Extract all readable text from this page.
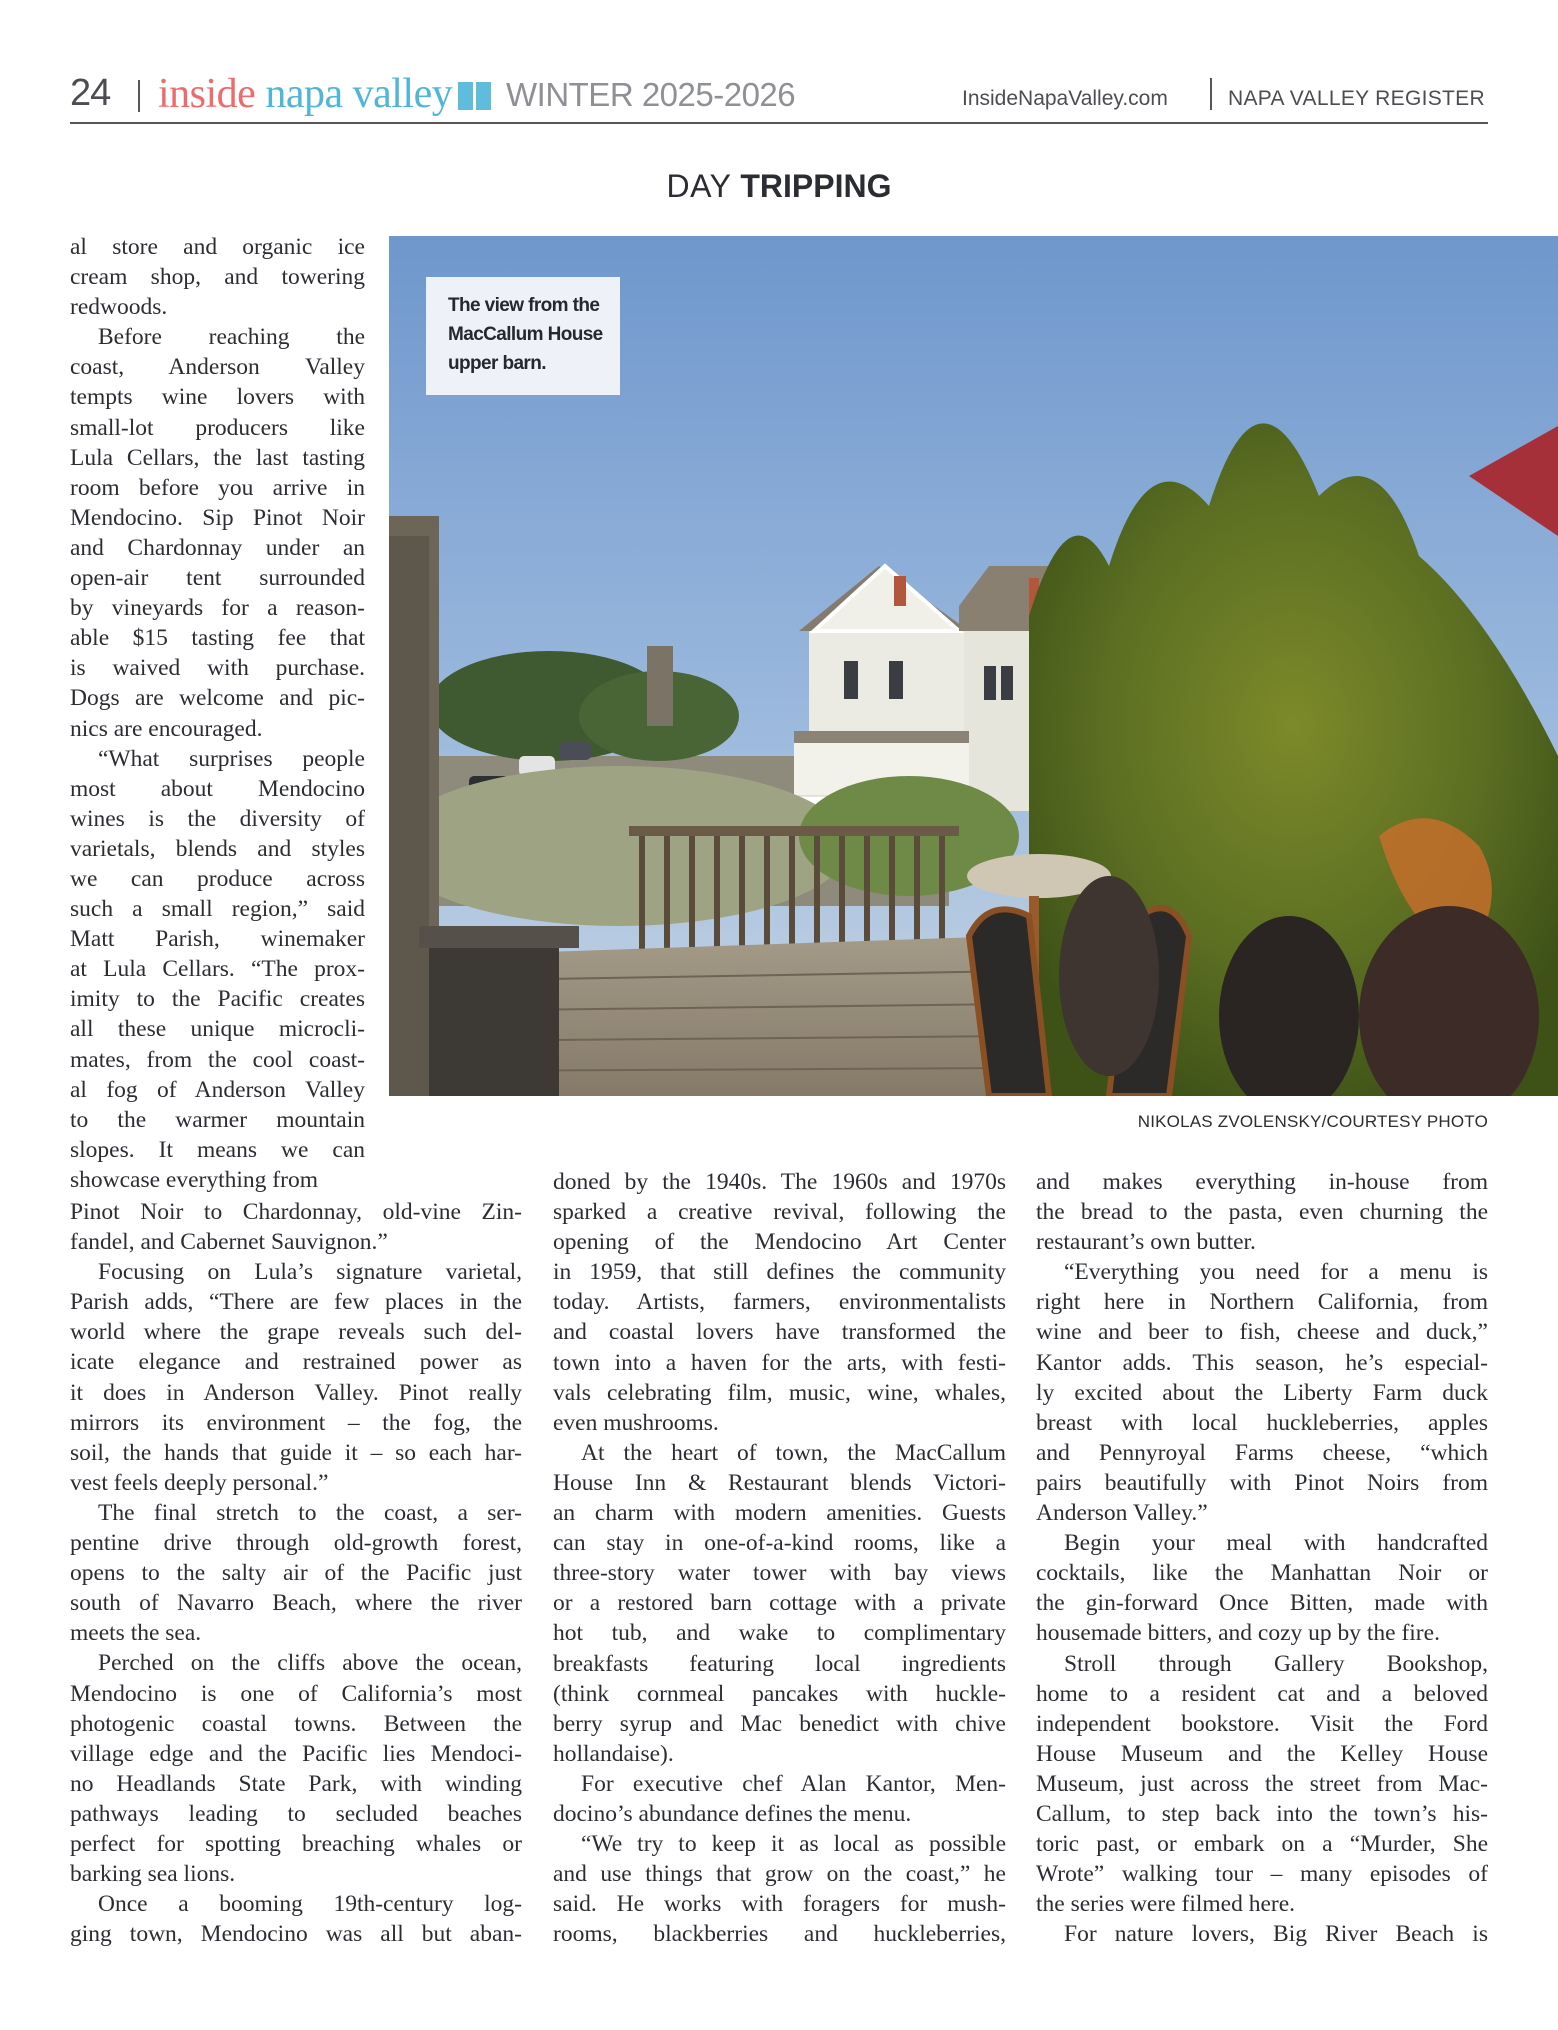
24 inside napa valley WINTER 2025-2026	InsideNapaValley.com	NAPA VALLEY REGISTER
DAY TRIPPING

The view from the

MacCallum House

upper barn.

NIKOLAS ZVOLENSKY/COURTESY PHOTO
al store and organic ice
cream shop, and towering
redwoods.
Before reaching the
coast, Anderson Valley
tempts wine lovers with
small-lot producers like
Lula Cellars, the last tasting
room before you arrive in
Mendocino. Sip Pinot Noir
and Chardonnay under an
open-air tent surrounded
by vineyards for a reason-
able $15 tasting fee that
is waived with purchase.
Dogs are welcome and pic-
nics are encouraged.
“What surprises people
most about Mendocino
wines is the diversity of
varietals, blends and styles
we can produce across
such a small region,” said
Matt Parish, winemaker
at Lula Cellars. “The prox-
imity to the Pacific creates
all these unique microcli-
mates, from the cool coast-
al fog of Anderson Valley
to the warmer mountain
slopes. It means we can
showcase everything from
Pinot Noir to Chardonnay, old-vine Zin-
fandel, and Cabernet Sauvignon.”
Focusing on Lula’s signature varietal,
Parish adds, “There are few places in the
world where the grape reveals such del-
icate elegance and restrained power as
it does in Anderson Valley. Pinot really
mirrors its environment – the fog, the
soil, the hands that guide it – so each har-
vest feels deeply personal.”
The final stretch to the coast, a ser-
pentine drive through old-growth forest,
opens to the salty air of the Pacific just
south of Navarro Beach, where the river
meets the sea.
Perched on the cliffs above the ocean,
Mendocino is one of California’s most
photogenic coastal towns. Between the
village edge and the Pacific lies Mendoci-
no Headlands State Park, with winding
pathways leading to secluded beaches
perfect for spotting breaching whales or
barking sea lions.
Once a booming 19th-century log-
ging town, Mendocino was all but aban-
doned by the 1940s. The 1960s and 1970s
sparked a creative revival, following the
opening of the Mendocino Art Center
in 1959, that still defines the community
today. Artists, farmers, environmentalists
and coastal lovers have transformed the
town into a haven for the arts, with festi-
vals celebrating film, music, wine, whales,
even mushrooms.
At the heart of town, the MacCallum
House Inn & Restaurant blends Victori-
an charm with modern amenities. Guests
can stay in one-of-a-kind rooms, like a
three-story water tower with bay views
or a restored barn cottage with a private
hot tub, and wake to complimentary
breakfasts featuring local ingredients
(think cornmeal pancakes with huckle-
berry syrup and Mac benedict with chive
hollandaise).
For executive chef Alan Kantor, Men-
docino’s abundance defines the menu.
“We try to keep it as local as possible
and use things that grow on the coast,” he
said. He works with foragers for mush-
rooms, blackberries and huckleberries,
and makes everything in-house from
the bread to the pasta, even churning the
restaurant’s own butter.
“Everything you need for a menu is
right here in Northern California, from
wine and beer to fish, cheese and duck,”
Kantor adds. This season, he’s especial-
ly excited about the Liberty Farm duck
breast with local huckleberries, apples
and Pennyroyal Farms cheese, “which
pairs beautifully with Pinot Noirs from
Anderson Valley.”
Begin your meal with handcrafted
cocktails, like the Manhattan Noir or
the gin-forward Once Bitten, made with
housemade bitters, and cozy up by the fire.
Stroll through Gallery Bookshop,
home to a resident cat and a beloved
independent bookstore. Visit the Ford
House Museum and the Kelley House
Museum, just across the street from Mac-
Callum, to step back into the town’s his-
toric past, or embark on a “Murder, She
Wrote” walking tour – many episodes of
the series were filmed here.
For nature lovers, Big River Beach is
